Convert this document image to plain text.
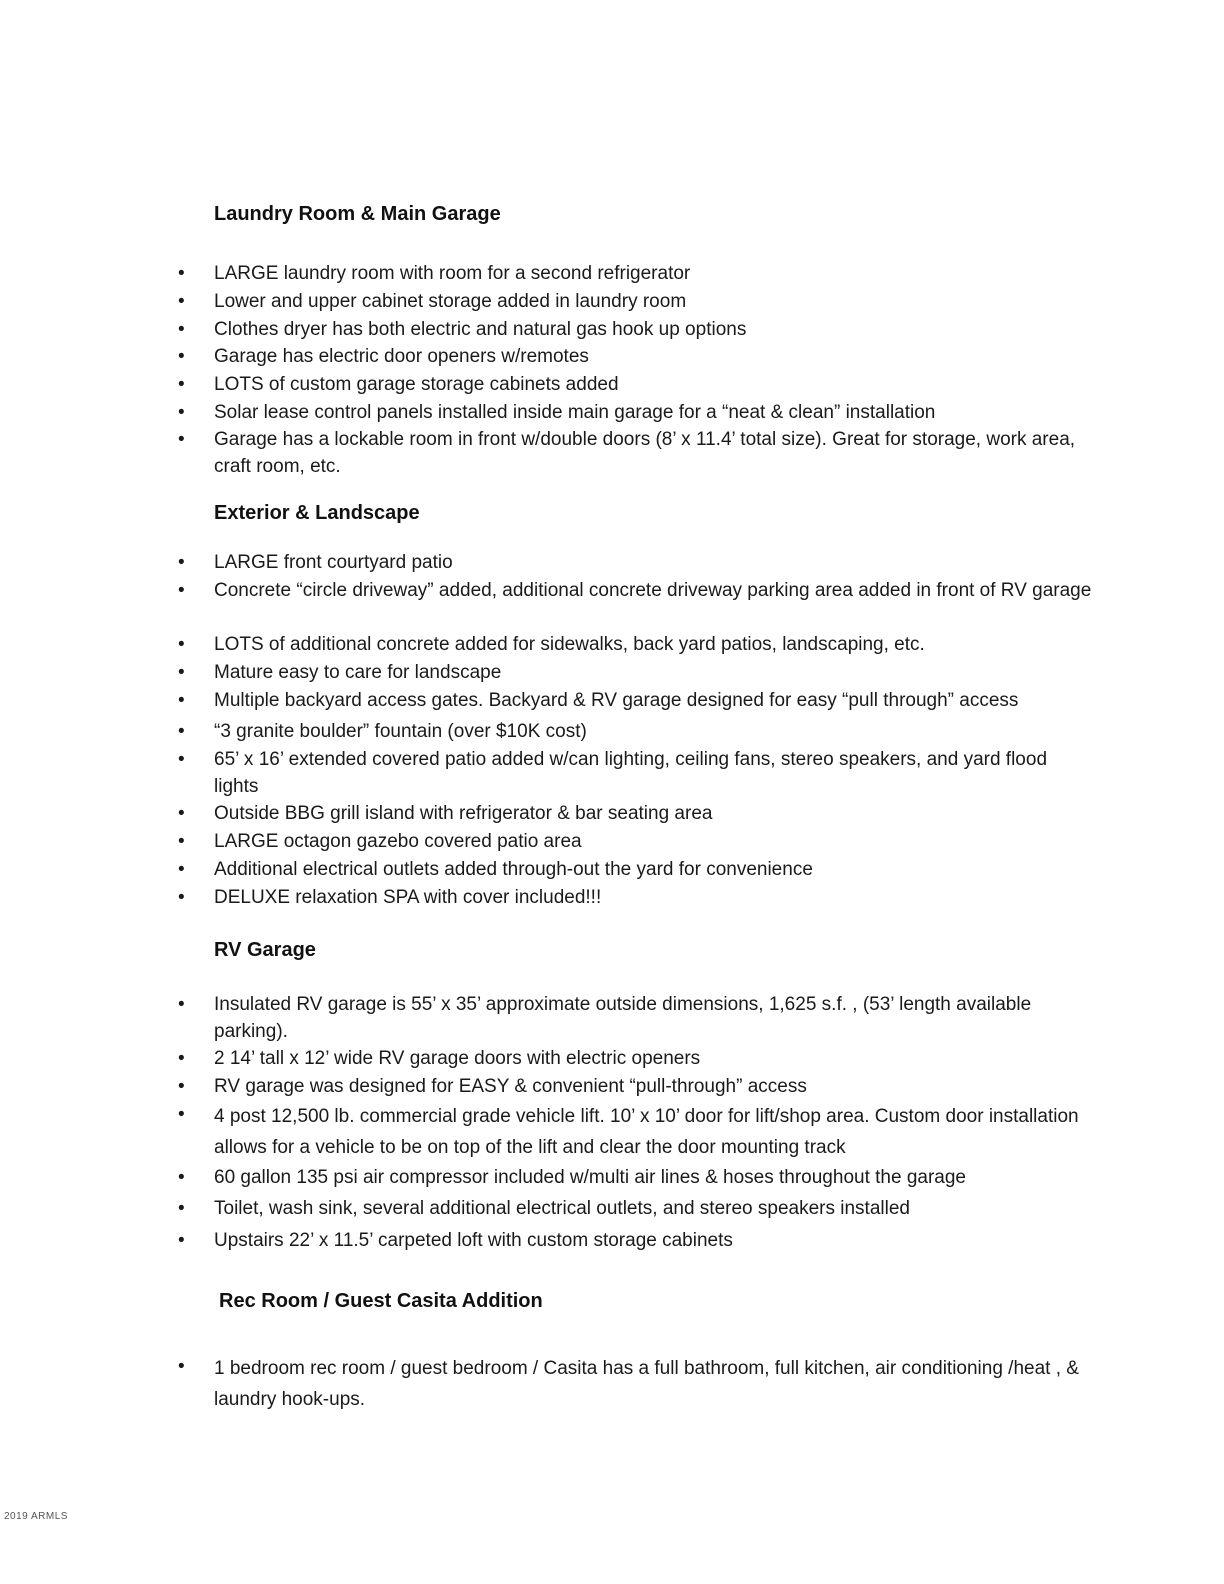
Laundry Room & Main Garage
• LARGE laundry room with room for a second refrigerator
• Lower and upper cabinet storage added in laundry room
• Clothes dryer has both electric and natural gas hook up options
• Garage has electric door openers w/remotes
• LOTS of custom garage storage cabinets added
• Solar lease control panels installed inside main garage for a “neat & clean” installation
• Garage has a lockable room in front w/double doors (8’ x 11.4’ total size). Great for storage, work area, craft room, etc.
Exterior & Landscape
• LARGE front courtyard patio
• Concrete “circle driveway” added, additional concrete driveway parking area added in front of RV garage
• LOTS of additional concrete added for sidewalks, back yard patios, landscaping, etc.
• Mature easy to care for landscape
• Multiple backyard access gates. Backyard & RV garage designed for easy “pull through” access
• “3 granite boulder” fountain (over $10K cost)
• 65’ x 16’ extended covered patio added w/can lighting, ceiling fans, stereo speakers, and yard flood lights
• Outside BBG grill island with refrigerator & bar seating area
• LARGE octagon gazebo covered patio area
• Additional electrical outlets added through-out the yard for convenience
• DELUXE relaxation SPA with cover included!!!
RV Garage
• Insulated RV garage is 55’ x 35’ approximate outside dimensions, 1,625 s.f. , (53’ length available parking).
• 2 14’ tall x 12’ wide RV garage doors with electric openers
• RV garage was designed for EASY & convenient “pull-through” access
• 4 post 12,500 lb. commercial grade vehicle lift. 10’ x 10’ door for lift/shop area. Custom door installation allows for a vehicle to be on top of the lift and clear the door mounting track
• 60 gallon 135 psi air compressor included w/multi air lines & hoses throughout the garage
• Toilet, wash sink, several additional electrical outlets, and stereo speakers installed
• Upstairs 22’ x 11.5’ carpeted loft with custom storage cabinets
Rec Room / Guest Casita Addition
• 1 bedroom rec room / guest bedroom / Casita has a full bathroom, full kitchen, air conditioning /heat , & laundry hook-ups.
2019 ARMLS
